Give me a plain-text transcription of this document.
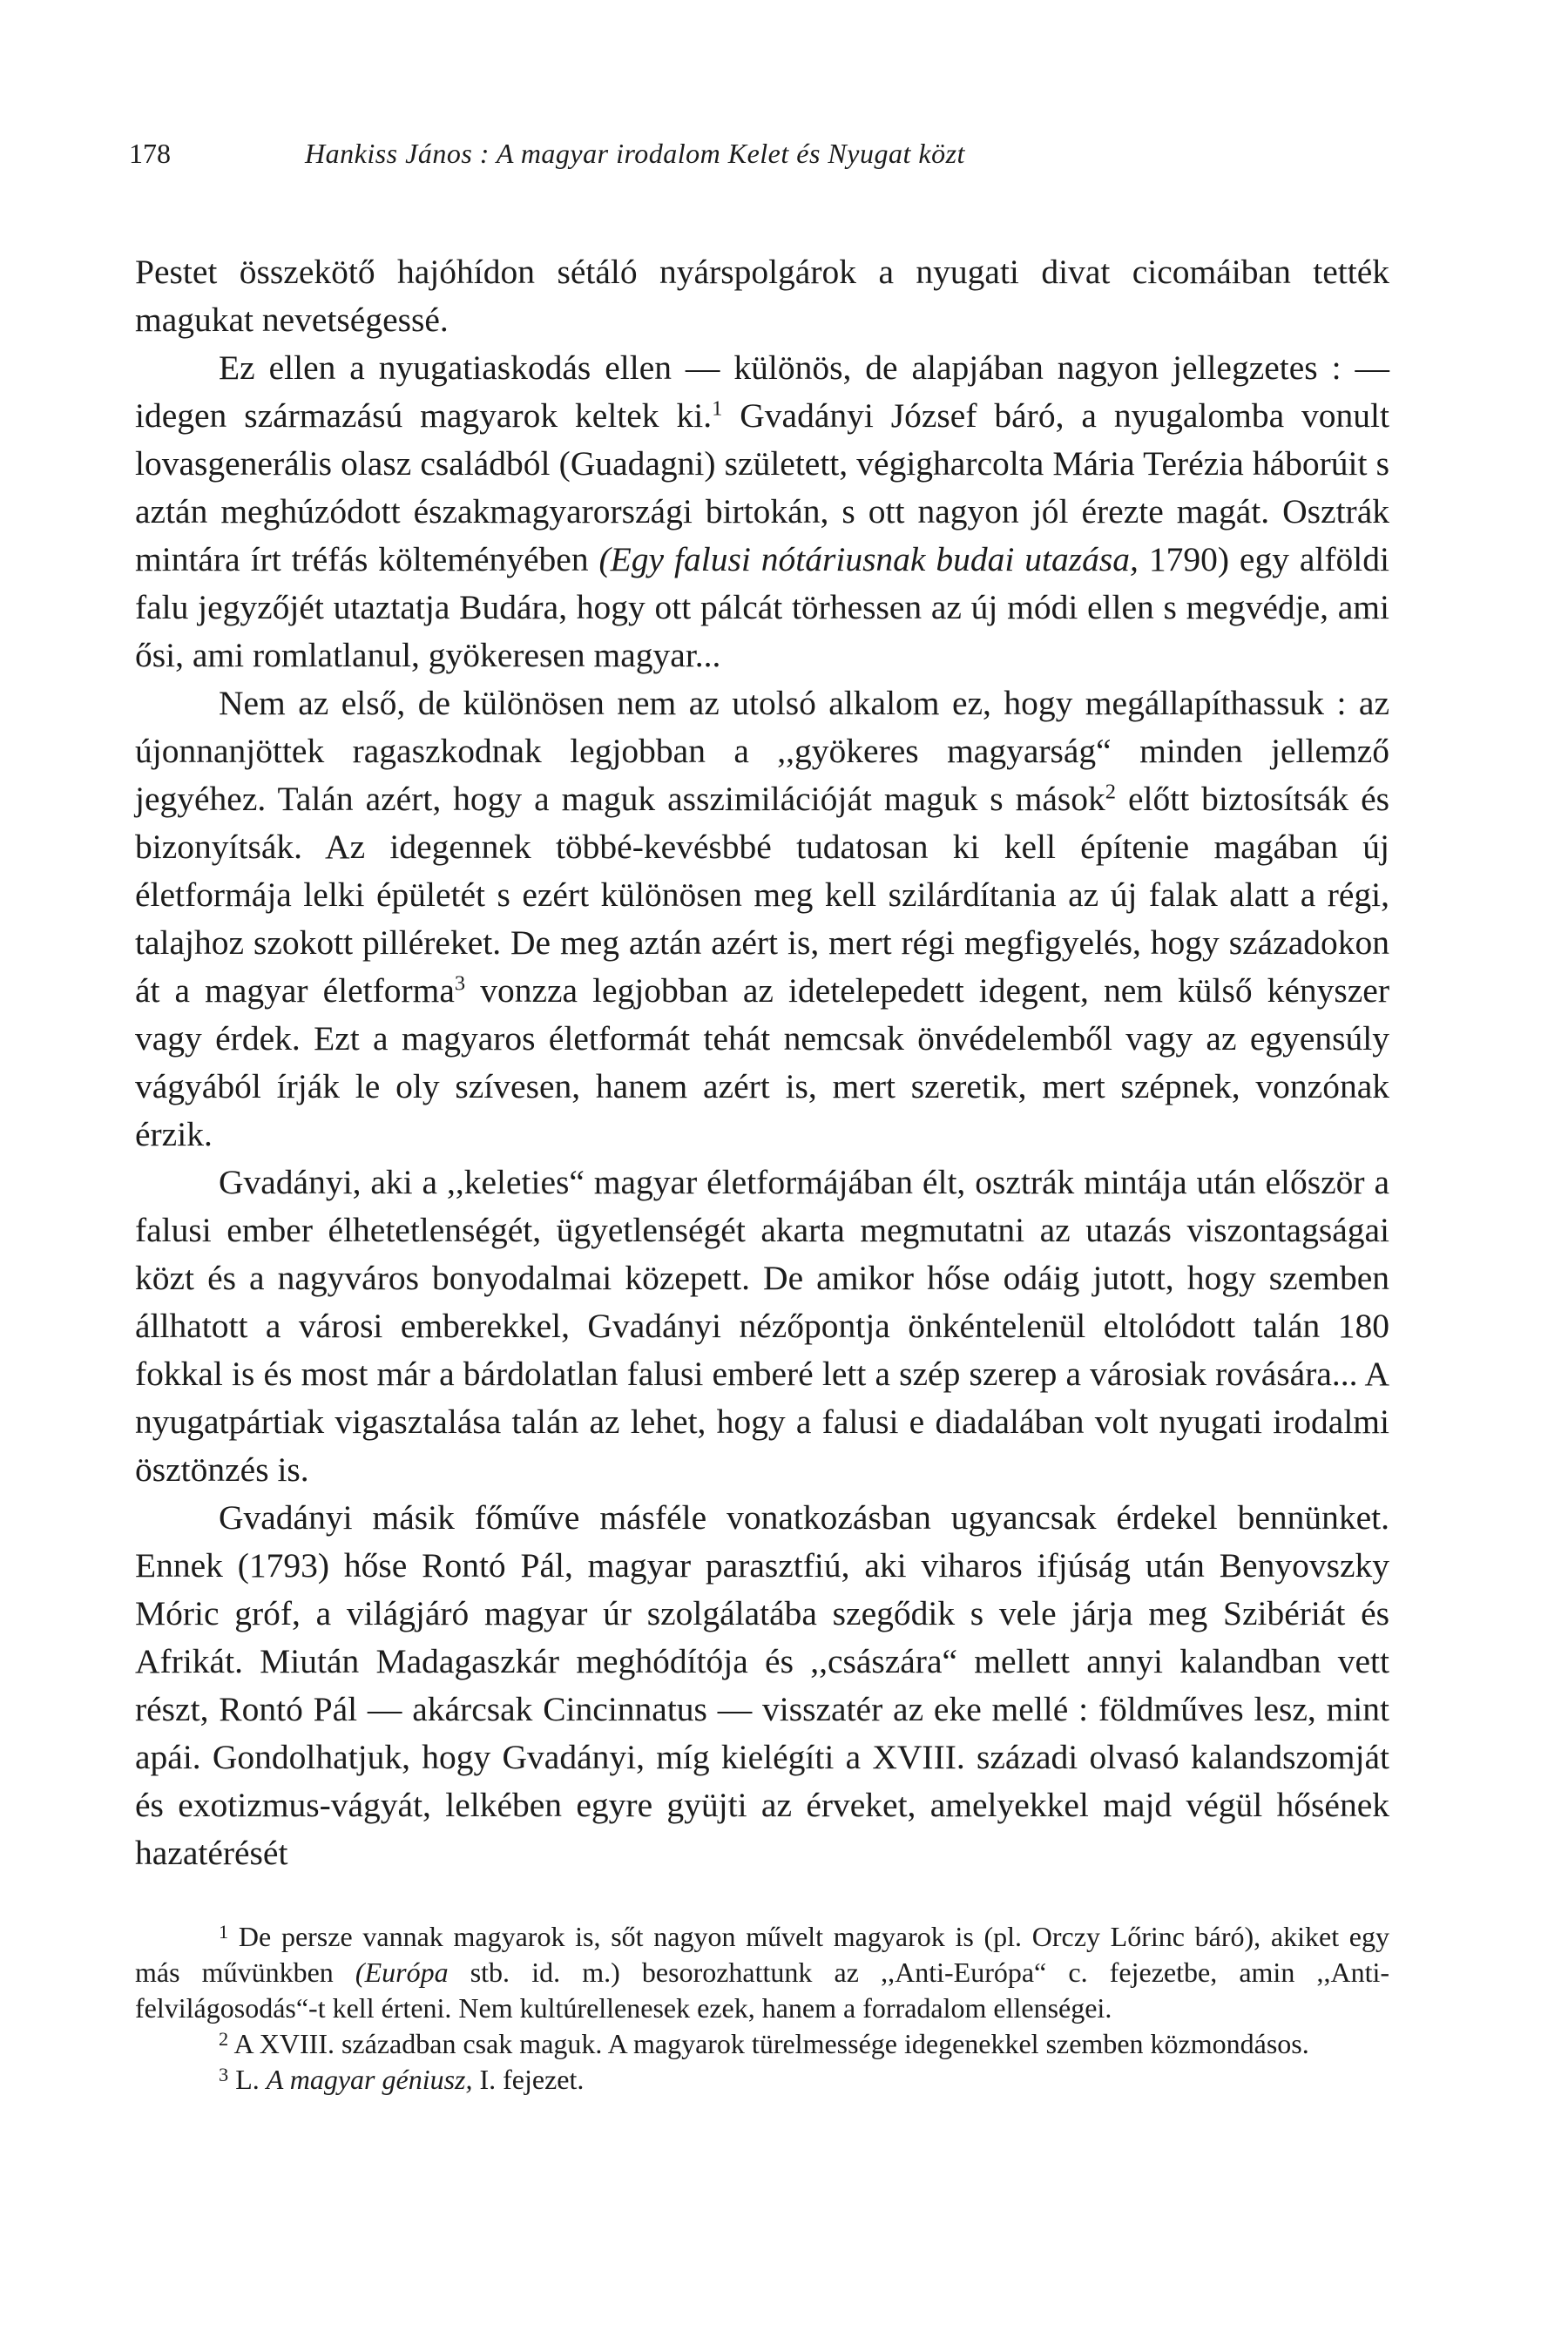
178	Hankiss János : A magyar irodalom Kelet és Nyugat közt

Pestet összekötő hajóhídon sétáló nyárspolgárok a nyugati divat cicomáiban tették magukat nevetségessé.

Ez ellen a nyugatiaskodás ellen — különös, de alapjában nagyon jellegzetes : — idegen származású magyarok keltek ki.$^1$ Gvadányi József báró, a nyugalomba vonult lovasgenerális olasz családból (Guadagni) született, végigharcolta Mária Terézia háborúit s aztán meghúzódott északmagyarországi birtokán, s ott nagyon jól érezte magát. Osztrák mintára írt tréfás költeményében (Egy falusi nótáriusnak budai utazása, 1790) egy alföldi falu jegyzőjét utaztatja Budára, hogy ott pálcát törhessen az új módi ellen s megvédje, ami ősi, ami romlatlanul, gyökeresen magyar...

Nem az első, de különösen nem az utolsó alkalom ez, hogy megállapíthassuk : az újonnanjöttek ragaszkodnak legjobban a ,,gyökeres magyarság“ minden jellemző jegyéhez. Talán azért, hogy a maguk asszimilációját maguk s mások$^2$ előtt biztosítsák és bizonyítsák. Az idegennek többé-kevésbbé tudatosan ki kell építenie magában új életformája lelki épületét s ezért különösen meg kell szilárdítania az új falak alatt a régi, talajhoz szokott pilléreket. De meg aztán azért is, mert régi megfigyelés, hogy századokon át a magyar életforma$^3$ vonzza legjobban az idetelepedett idegent, nem külső kényszer vagy érdek. Ezt a magyaros életformát tehát nemcsak önvédelemből vagy az egyensúly vágyából írják le oly szívesen, hanem azért is, mert szeretik, mert szépnek, vonzónak érzik.

Gvadányi, aki a ,,keleties“ magyar életformájában élt, osztrák mintája után először a falusi ember élhetetlenségét, ügyetlenségét akarta megmutatni az utazás viszontagságai közt és a nagyváros bonyodalmai közepett. De amikor hőse odáig jutott, hogy szemben állhatott a városi emberekkel, Gvadányi nézőpontja önkéntelenül eltolódott talán 180 fokkal is és most már a bárdolatlan falusi emberé lett a szép szerep a városiak rovására... A nyugatpártiak vigasztalása talán az lehet, hogy a falusi e diadalában volt nyugati irodalmi ösztönzés is.

Gvadányi másik főműve másféle vonatkozásban ugyancsak érdekel bennünket. Ennek (1793) hőse Rontó Pál, magyar parasztfiú, aki viharos ifjúság után Benyovszky Móric gróf, a világjáró magyar úr szolgálatába szegődik s vele járja meg Szibériát és Afrikát. Miután Madagaszkár meghódítója és ,,császára“ mellett annyi kalandban vett részt, Rontó Pál — akárcsak Cincinnatus — visszatér az eke mellé : földműves lesz, mint apái. Gondolhatjuk, hogy Gvadányi, míg kielégíti a XVIII. századi olvasó kalandszomját és exotizmus-vágyát, lelkében egyre gyüjti az érveket, amelyekkel majd végül hősének hazatérését

$^1$ De persze vannak magyarok is, sőt nagyon művelt magyarok is (pl. Orczy Lőrinc báró), akiket egy más művünkben (Európa stb. id. m.) besorozhattunk az ,,Anti-Európa“ c. fejezetbe, amin ,,Anti-felvilágosodás“-t kell érteni. Nem kultúrellenesek ezek, hanem a forradalom ellenségei.

$^2$ A XVIII. században csak maguk. A magyarok türelmessége idegenekkel szemben közmondásos.

$^3$ L. A magyar géniusz, I. fejezet.
